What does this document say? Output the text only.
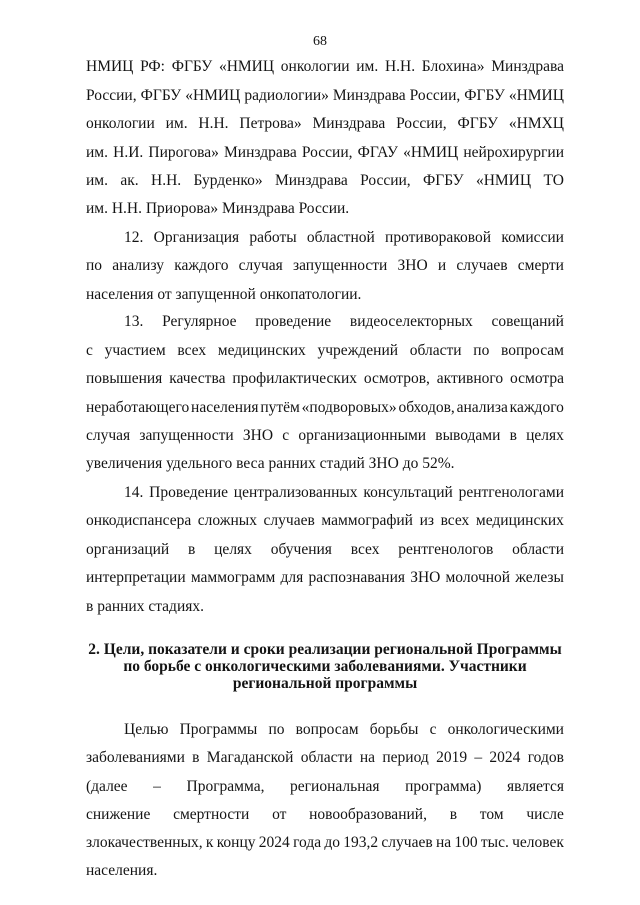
68
НМИЦ РФ: ФГБУ «НМИЦ онкологии им. Н.Н. Блохина» Минздрава
России, ФГБУ «НМИЦ радиологии» Минздрава России, ФГБУ «НМИЦ
онкологии им. Н.Н. Петрова» Минздрава России, ФГБУ «НМХЦ
им. Н.И. Пирогова» Минздрава России, ФГАУ «НМИЦ нейрохирургии
им. ак. Н.Н. Бурденко» Минздрава России, ФГБУ «НМИЦ ТО
им. Н.Н. Приорова» Минздрава России.
12. Организация работы областной противораковой комиссии
по анализу каждого случая запущенности ЗНО и случаев смерти
населения от запущенной онкопатологии.
13. Регулярное проведение видеоселекторных совещаний
с участием всех медицинских учреждений области по вопросам
повышения качества профилактических осмотров, активного осмотра
неработающего населения путём «подворовых» обходов, анализа каждого
случая запущенности ЗНО с организационными выводами в целях
увеличения удельного веса ранних стадий ЗНО до 52%.
14. Проведение централизованных консультаций рентгенологами
онкодиспансера сложных случаев маммографий из всех медицинских
организаций в целях обучения всех рентгенологов области
интерпретации маммограмм для распознавания ЗНО молочной железы
в ранних стадиях.
2. Цели, показатели и сроки реализации региональной Программы
по борьбе с онкологическими заболеваниями. Участники
региональной программы
Целью Программы по вопросам борьбы с онкологическими
заболеваниями в Магаданской области на период 2019 – 2024 годов
(далее – Программа, региональная программа) является
снижение смертности от новообразований, в том числе
злокачественных, к концу 2024 года до 193,2 случаев на 100 тыс. человек
населения.
